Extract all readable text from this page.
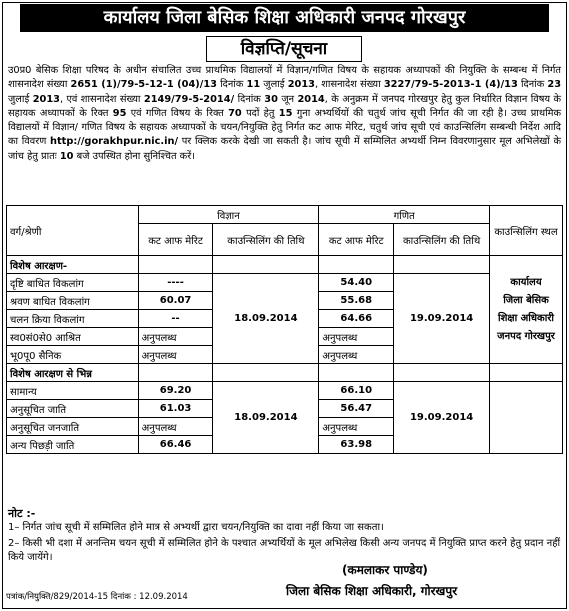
कार्यालय जिला बेसिक शिक्षा अधिकारी जनपद गोरखपुर
विज्ञप्ति/सूचना
उ0प्र0 बेसिक शिक्षा परिषद के अधीन संचालित उच्च प्राथमिक विद्यालयों में विज्ञान/गणित विषय के सहायक अध्यापकों की नियुक्ति के सम्बन्ध में निर्गत शासनादेश संख्या 2651 (1)/79-5-12-1 (04)/13 दिनांक 11 जुलाई 2013, शासनादेश संख्या 3227/79-5-2013-1 (4)/13 दिनांक 23 जुलाई 2013, एवं शासनादेश संख्या 2149/79-5-2014/ दिनांक 30 जून 2014, के अनुक्रम में जनपद गोरखपुर हेतु कुल निर्धारित विज्ञान विषय के सहायक अध्यापकों के रिक्त 95 एवं गणित विषय के रिक्त 70 पदों हेतु 15 गुना अभ्यर्थियों की चतुर्थ जांच सूची निर्गत की जा रही है। उच्च प्राथमिक विद्यालयों में विज्ञान/ गणित विषय के सहायक अध्यापकों के चयन/नियुक्ति हेतु निर्गत कट आफ मेरिट, चतुर्थ जांच सूची एवं काउन्सिलिंग सम्बन्धी निर्देश आदि का विवरण http://gorakhpur.nic.in/ पर क्लिक करके देखी जा सकती है। जांच सूची में सम्मिलित अभ्यर्थी निम्न विवरणानुसार मूल अभिलेखों के जांच हेतु प्रातः 10 बजे उपस्थित होना सुनिश्चित करें।
वर्ग/श्रेणी	विज्ञान		गणित		काउन्सिलिंग स्थल
	कट आफ मेरिट	काउन्सिलिंग की तिथि	कट आफ मेरिट	काउन्सिलिंग की तिथि	
विशेष आरक्षण-					कार्यालय
जिला बेसिक
शिक्षा अधिकारी
जनपद गोरखपुर

दृष्टि बाधित विकलांग	----	18.09.2014	54.40	19.09.2014	
श्रवण बाधित विकलांग	60.07		55.68		
चलन क्रिया विकलांग	--		64.66		
स्व0सं0से0 आश्रित	अनुपलब्ध		अनुपलब्ध		
भू0पू0 सैनिक	अनुपलब्ध		अनुपलब्ध		
विशेष आरक्षण से भिन्न					
सामान्य	69.20	18.09.2014	66.10	19.09.2014	
अनुसूचित जाति	61.03		56.47		
अनुसूचित जनजाति	अनुपलब्ध		अनुपलब्ध		
अन्य पिछड़ी जाति	66.46		63.98		
नोट :-
1– निर्गत जांच सूची में सम्मिलित होने मात्र से अभ्यर्थी द्वारा चयन/नियुक्ति का दावा नहीं किया जा सकता।
2– किसी भी दशा में अनन्तिम चयन सूची में सम्मिलित होने के पश्चात अभ्यर्थियों के मूल अभिलेख किसी अन्य जनपद में नियुक्ति प्राप्त करने हेतु प्रदान नहीं किये जायेंगे।
(कमलाकर पाण्डेय)
जिला बेसिक शिक्षा अधिकारी, गोरखपुर
पत्रांक/नियुक्ति/829/2014-15 दिनांक : 12.09.2014
